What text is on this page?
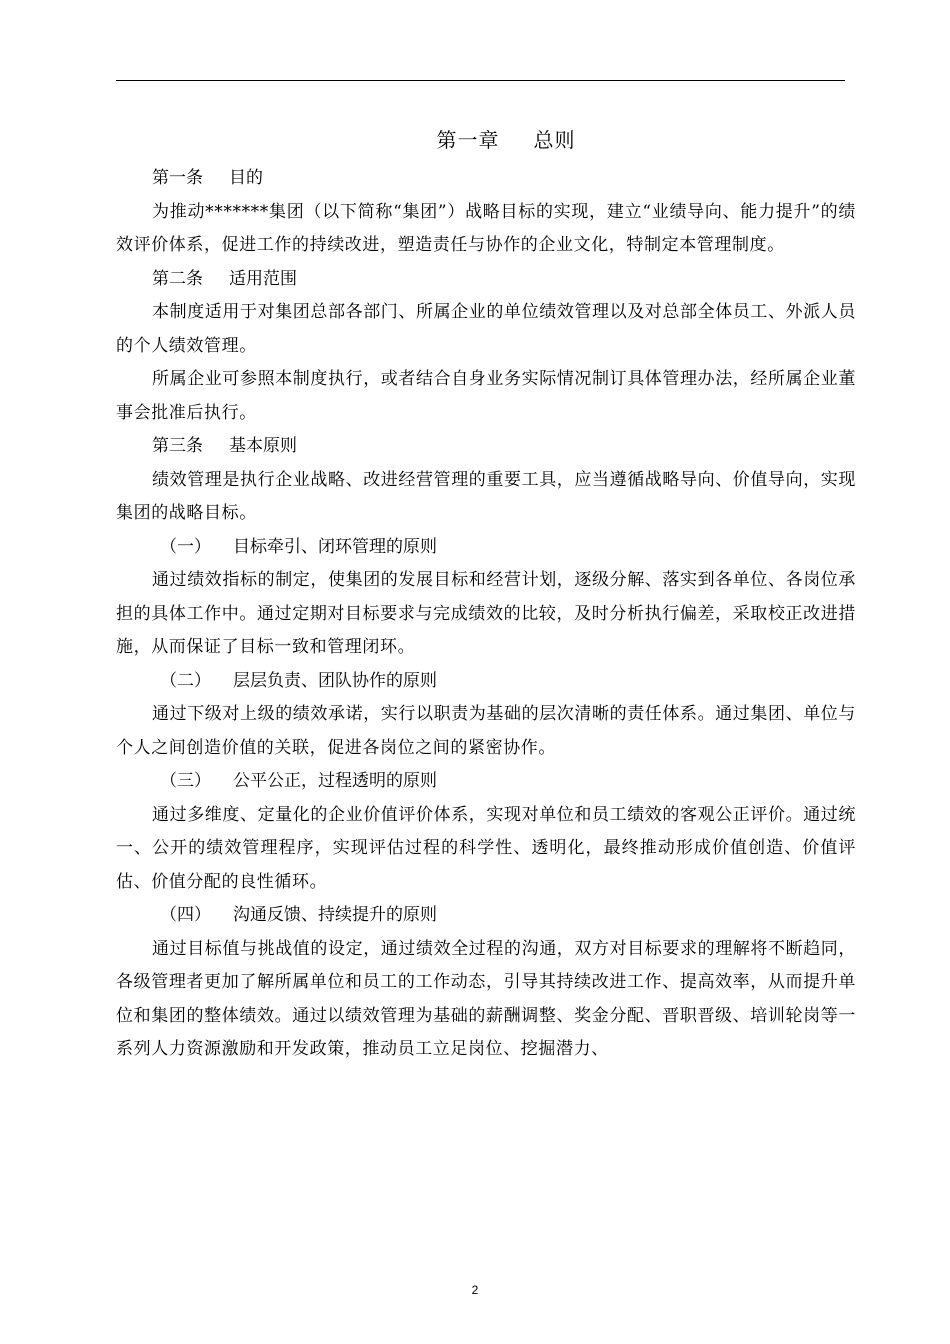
第一章 总则

第一条 目的

为推动*******集团（以下简称“集团”）战略目标的实现，建立“业绩导向、能力提升”的绩效评价体系，促进工作的持续改进，塑造责任与协作的企业文化，特制定本管理制度。

第二条 适用范围

本制度适用于对集团总部各部门、所属企业的单位绩效管理以及对总部全体员工、外派人员的个人绩效管理。

所属企业可参照本制度执行，或者结合自身业务实际情况制订具体管理办法，经所属企业董事会批准后执行。

第三条 基本原则

绩效管理是执行企业战略、改进经营管理的重要工具，应当遵循战略导向、价值导向，实现集团的战略目标。

（一） 目标牵引、闭环管理的原则

通过绩效指标的制定，使集团的发展目标和经营计划，逐级分解、落实到各单位、各岗位承担的具体工作中。通过定期对目标要求与完成绩效的比较，及时分析执行偏差，采取校正改进措施，从而保证了目标一致和管理闭环。

（二） 层层负责、团队协作的原则

通过下级对上级的绩效承诺，实行以职责为基础的层次清晰的责任体系。通过集团、单位与个人之间创造价值的关联，促进各岗位之间的紧密协作。

（三） 公平公正，过程透明的原则

通过多维度、定量化的企业价值评价体系，实现对单位和员工绩效的客观公正评价。通过统一、公开的绩效管理程序，实现评估过程的科学性、透明化，最终推动形成价值创造、价值评估、价值分配的良性循环。

（四） 沟通反馈、持续提升的原则

通过目标值与挑战值的设定，通过绩效全过程的沟通，双方对目标要求的理解将不断趋同，各级管理者更加了解所属单位和员工的工作动态，引导其持续改进工作、提高效率，从而提升单位和集团的整体绩效。通过以绩效管理为基础的薪酬调整、奖金分配、晋职晋级、培训轮岗等一系列人力资源激励和开发政策，推动员工立足岗位、挖掘潜力、

2
